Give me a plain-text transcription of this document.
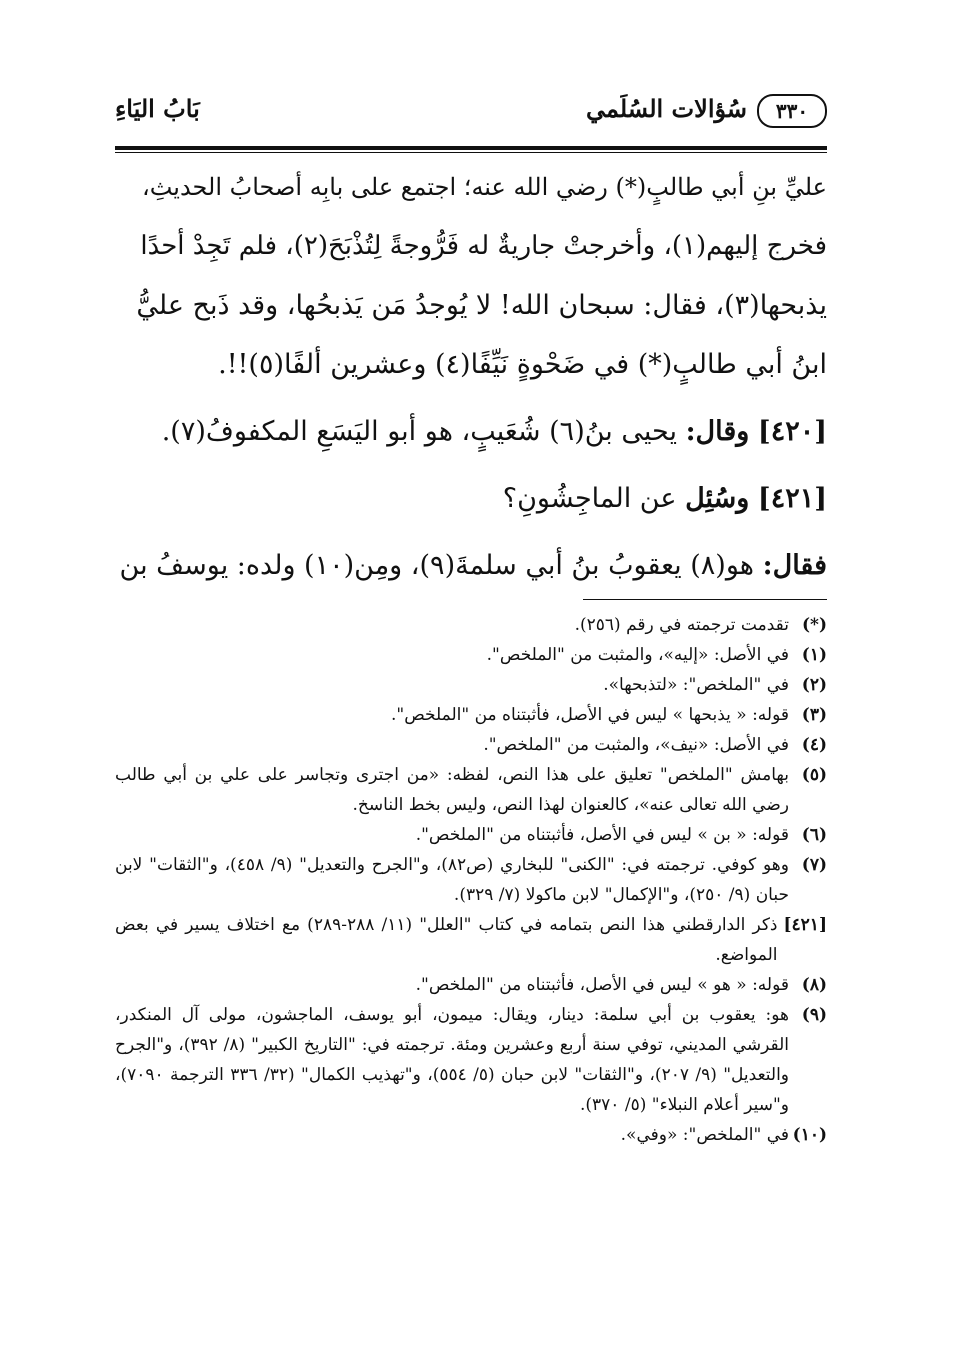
٣٣٠
سُؤالات السُلَمي
بَابُ اليَاءِ

عليِّ بنِ أبي طالبٍ(*) رضي الله عنه؛ اجتمع على بابِه أصحابُ الحديثِ،

فخرج إليهم(١)، وأخرجتْ جاريةٌ له فَرُّوجةً لِتُذْبَحَ(٢)، فلم تَجِدْ أحدًا

يذبحها(٣)، فقال: سبحان الله! لا يُوجدُ مَن يَذبحُها، وقد ذَبح عليُّ

ابنُ أبي طالبٍ(*) في ضَحْوةٍ نَيِّفًا(٤) وعشرين ألفًا(٥)!!.

[٤٢٠] وقال: يحيى بنُ(٦) شُعَيبٍ، هو أبو اليَسَعِ المكفوفُ(٧).

[٤٢١] وسُئِل عن الماجِشُونِ؟

فقال: هو(٨) يعقوبُ بنُ أبي سلمةَ(٩)، ومِن(١٠) ولده: يوسفُ بن

(*)
تقدمت ترجمته في رقم (٢٥٦).
(١)
في الأصل: «إليه»، والمثبت من "الملخص".
(٢)
في "الملخص": «لتذبحها».
(٣)
قوله: « يذبحها » ليس في الأصل، فأثبتناه من "الملخص".
(٤)
في الأصل: «نيف»، والمثبت من "الملخص".
(٥)
بهامش "الملخص" تعليق على هذا النص، لفظه: «من اجترى وتجاسر على علي بن أبي طالب رضي الله تعالى عنه»، كالعنوان لهذا النص، وليس بخط الناسخ.
(٦)
قوله: « بن » ليس في الأصل، فأثبتناه من "الملخص".
(٧)
وهو كوفي. ترجمته في: "الكنى" للبخاري (ص٨٢)، و"الجرح والتعديل" (٩/ ٤٥٨)، و"الثقات" لابن حبان (٩/ ٢٥٠)، و"الإكمال" لابن ماكولا (٧/ ٣٢٩).
[٤٢١]
ذكر الدارقطني هذا النص بتمامه في كتاب "العلل" (١١/ ٢٨٨-٢٨٩) مع اختلاف يسير في بعض المواضع.
(٨)
قوله: « هو » ليس في الأصل، فأثبتناه من "الملخص".
(٩)
هو: يعقوب بن أبي سلمة: دينار، ويقال: ميمون، أبو يوسف، الماجشون، مولى آل المنكدر، القرشي المديني، توفي سنة أربع وعشرين ومئة. ترجمته في: "التاريخ الكبير" (٨/ ٣٩٢)، و"الجرح والتعديل" (٩/ ٢٠٧)، و"الثقات" لابن حبان (٥/ ٥٥٤)، و"تهذيب الكمال" (٣٢/ ٣٣٦ الترجمة ٧٠٩٠)، و"سير أعلام النبلاء" (٥/ ٣٧٠).
(١٠)
في "الملخص": «وفي».
